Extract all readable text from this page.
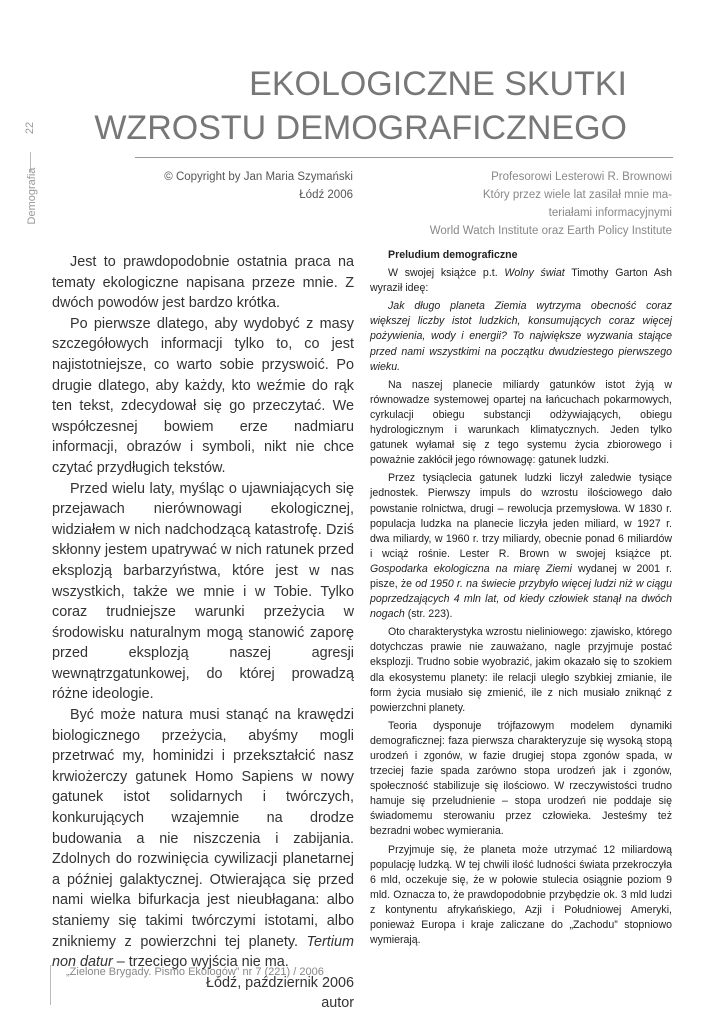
22
Demografia
EKOLOGICZNE SKUTKI
WZROSTU DEMOGRAFICZNEGO
© Copyright by Jan Maria Szymański
Łódź 2006
Profesorowi Lesterowi R. Brownowi
Który przez wiele lat zasilał mnie ma-
teriałami informacyjnymi
World Watch Institute oraz Earth Policy Institute

Jest to prawdopodobnie ostatnia praca na tematy ekologiczne napisana przeze mnie. Z dwóch powodów jest bardzo krótka.

Po pierwsze dlatego, aby wydobyć z masy szczegółowych informacji tylko to, co jest najistotniejsze, co warto sobie przyswoić. Po drugie dlatego, aby każdy, kto weźmie do rąk ten tekst, zdecydował się go przeczytać. We współczesnej bowiem erze nadmiaru informacji, obrazów i symboli, nikt nie chce czytać przydługich tekstów.

Przed wielu laty, myśląc o ujawniających się przejawach nierównowagi ekologicznej, widziałem w nich nadchodzącą katastrofę. Dziś skłonny jestem upatrywać w nich ratunek przed eksplozją barbarzyństwa, które jest w nas wszystkich, także we mnie i w Tobie. Tylko coraz trudniejsze warunki przeżycia w środowisku naturalnym mogą stanowić zaporę przed eksplozją naszej agresji wewnątrzgatunkowej, do której prowadzą różne ideologie.

Być może natura musi stanąć na krawędzi biologicznego przeżycia, abyśmy mogli przetrwać my, hominidzi i przekształcić nasz krwiożerczy gatunek Homo Sapiens w nowy gatunek istot solidarnych i twórczych, konkurujących wzajemnie na drodze budowania a nie niszczenia i zabijania. Zdolnych do rozwinięcia cywilizacji planetarnej a później galaktycznej. Otwierająca się przed nami wielka bifurkacja jest nieubłagana: albo staniemy się takimi twórczymi istotami, albo znikniemy z powierzchni tej planety. Tertium non datur – trzeciego wyjścia nie ma.

Łódź, październik 2006

autor

Preludium demograficzne

W swojej książce p.t. Wolny świat Timothy Garton Ash wyraził ideę:

Jak długo planeta Ziemia wytrzyma obecność coraz większej liczby istot ludzkich, konsumujących coraz więcej pożywienia, wody i energii? To największe wyzwania stające przed nami wszystkimi na początku dwudziestego pierwszego wieku.

Na naszej planecie miliardy gatunków istot żyją w równowadze systemowej opartej na łańcuchach pokarmowych, cyrkulacji obiegu substancji odżywiających, obiegu hydrologicznym i warunkach klimatycznych. Jeden tylko gatunek wyłamał się z tego systemu życia zbiorowego i poważnie zakłócił jego równowagę: gatunek ludzki.

Przez tysiąclecia gatunek ludzki liczył zaledwie tysiące jednostek. Pierwszy impuls do wzrostu ilościowego dało powstanie rolnictwa, drugi – rewolucja przemysłowa. W 1830 r. populacja ludzka na planecie liczyła jeden miliard, w 1927 r. dwa miliardy, w 1960 r. trzy miliardy, obecnie ponad 6 miliardów i wciąż rośnie. Lester R. Brown w swojej książce pt. Gospodarka ekologiczna na miarę Ziemi wydanej w 2001 r. pisze, że od 1950 r. na świecie przybyło więcej ludzi niż w ciągu poprzedzających 4 mln lat, od kiedy człowiek stanął na dwóch nogach (str. 223).

Oto charakterystyka wzrostu nieliniowego: zjawisko, którego dotychczas prawie nie zauważano, nagle przyjmuje postać eksplozji. Trudno sobie wyobrazić, jakim okazało się to szokiem dla ekosystemu planety: ile relacji uległo szybkiej zmianie, ile form życia musiało się zmienić, ile z nich musiało zniknąć z powierzchni planety.

Teoria dysponuje trójfazowym modelem dynamiki demograficznej: faza pierwsza charakteryzuje się wysoką stopą urodzeń i zgonów, w fazie drugiej stopa zgonów spada, w trzeciej fazie spada zarówno stopa urodzeń jak i zgonów, społeczność stabilizuje się ilościowo. W rzeczywistości trudno hamuje się przeludnienie – stopa urodzeń nie poddaje się świadomemu sterowaniu przez człowieka. Jesteśmy też bezradni wobec wymierania.

Przyjmuje się, że planeta może utrzymać 12 miliardową populację ludzką. W tej chwili ilość ludności świata przekroczyła 6 mld, oczekuje się, że w połowie stulecia osiągnie poziom 9 mld. Oznacza to, że prawdopodobnie przybędzie ok. 3 mld ludzi z kontynentu afrykańskiego, Azji i Południowej Ameryki, ponieważ Europa i kraje zaliczane do „Zachodu” stopniowo wymierają.

„Zielone Brygady. Pismo Ekologów” nr 7 (221) / 2006
